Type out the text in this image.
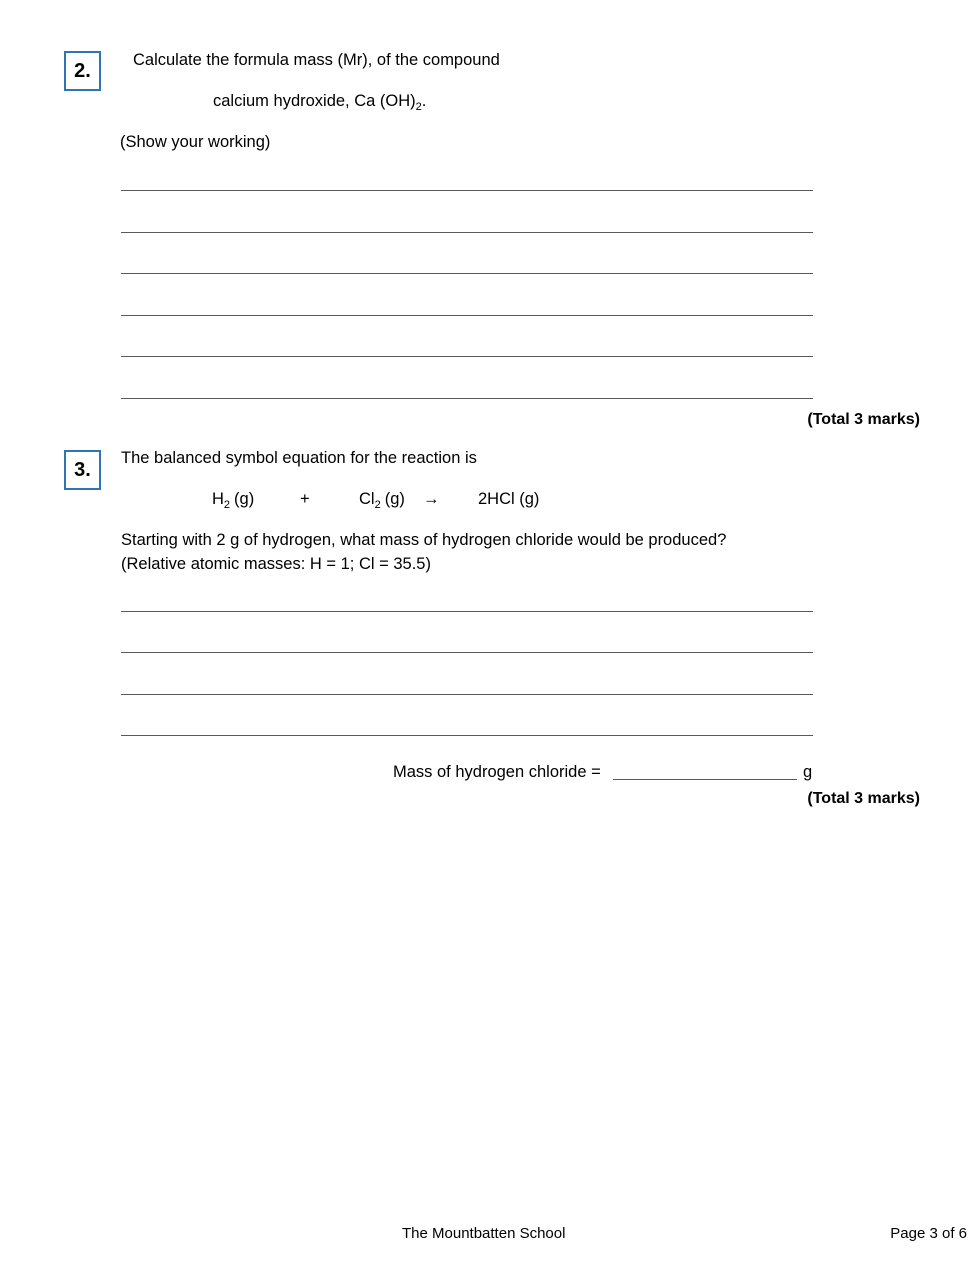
2.	Calculate the formula mass (Mr), of the compound
calcium hydroxide, Ca $(OH)_2$.
(Show your working)
(Total 3 marks)
3.
The balanced symbol equation for the reaction is
$H_2$ (g)	+	$Cl_2$ (g) → 2HCl (g)
Starting with 2 g of hydrogen, what mass of hydrogen chloride would be produced?
(Relative atomic masses: H = 1; Cl = 35.5)
Mass of hydrogen chloride =	g
(Total 3 marks)
The Mountbatten School	Page 3 of 6
